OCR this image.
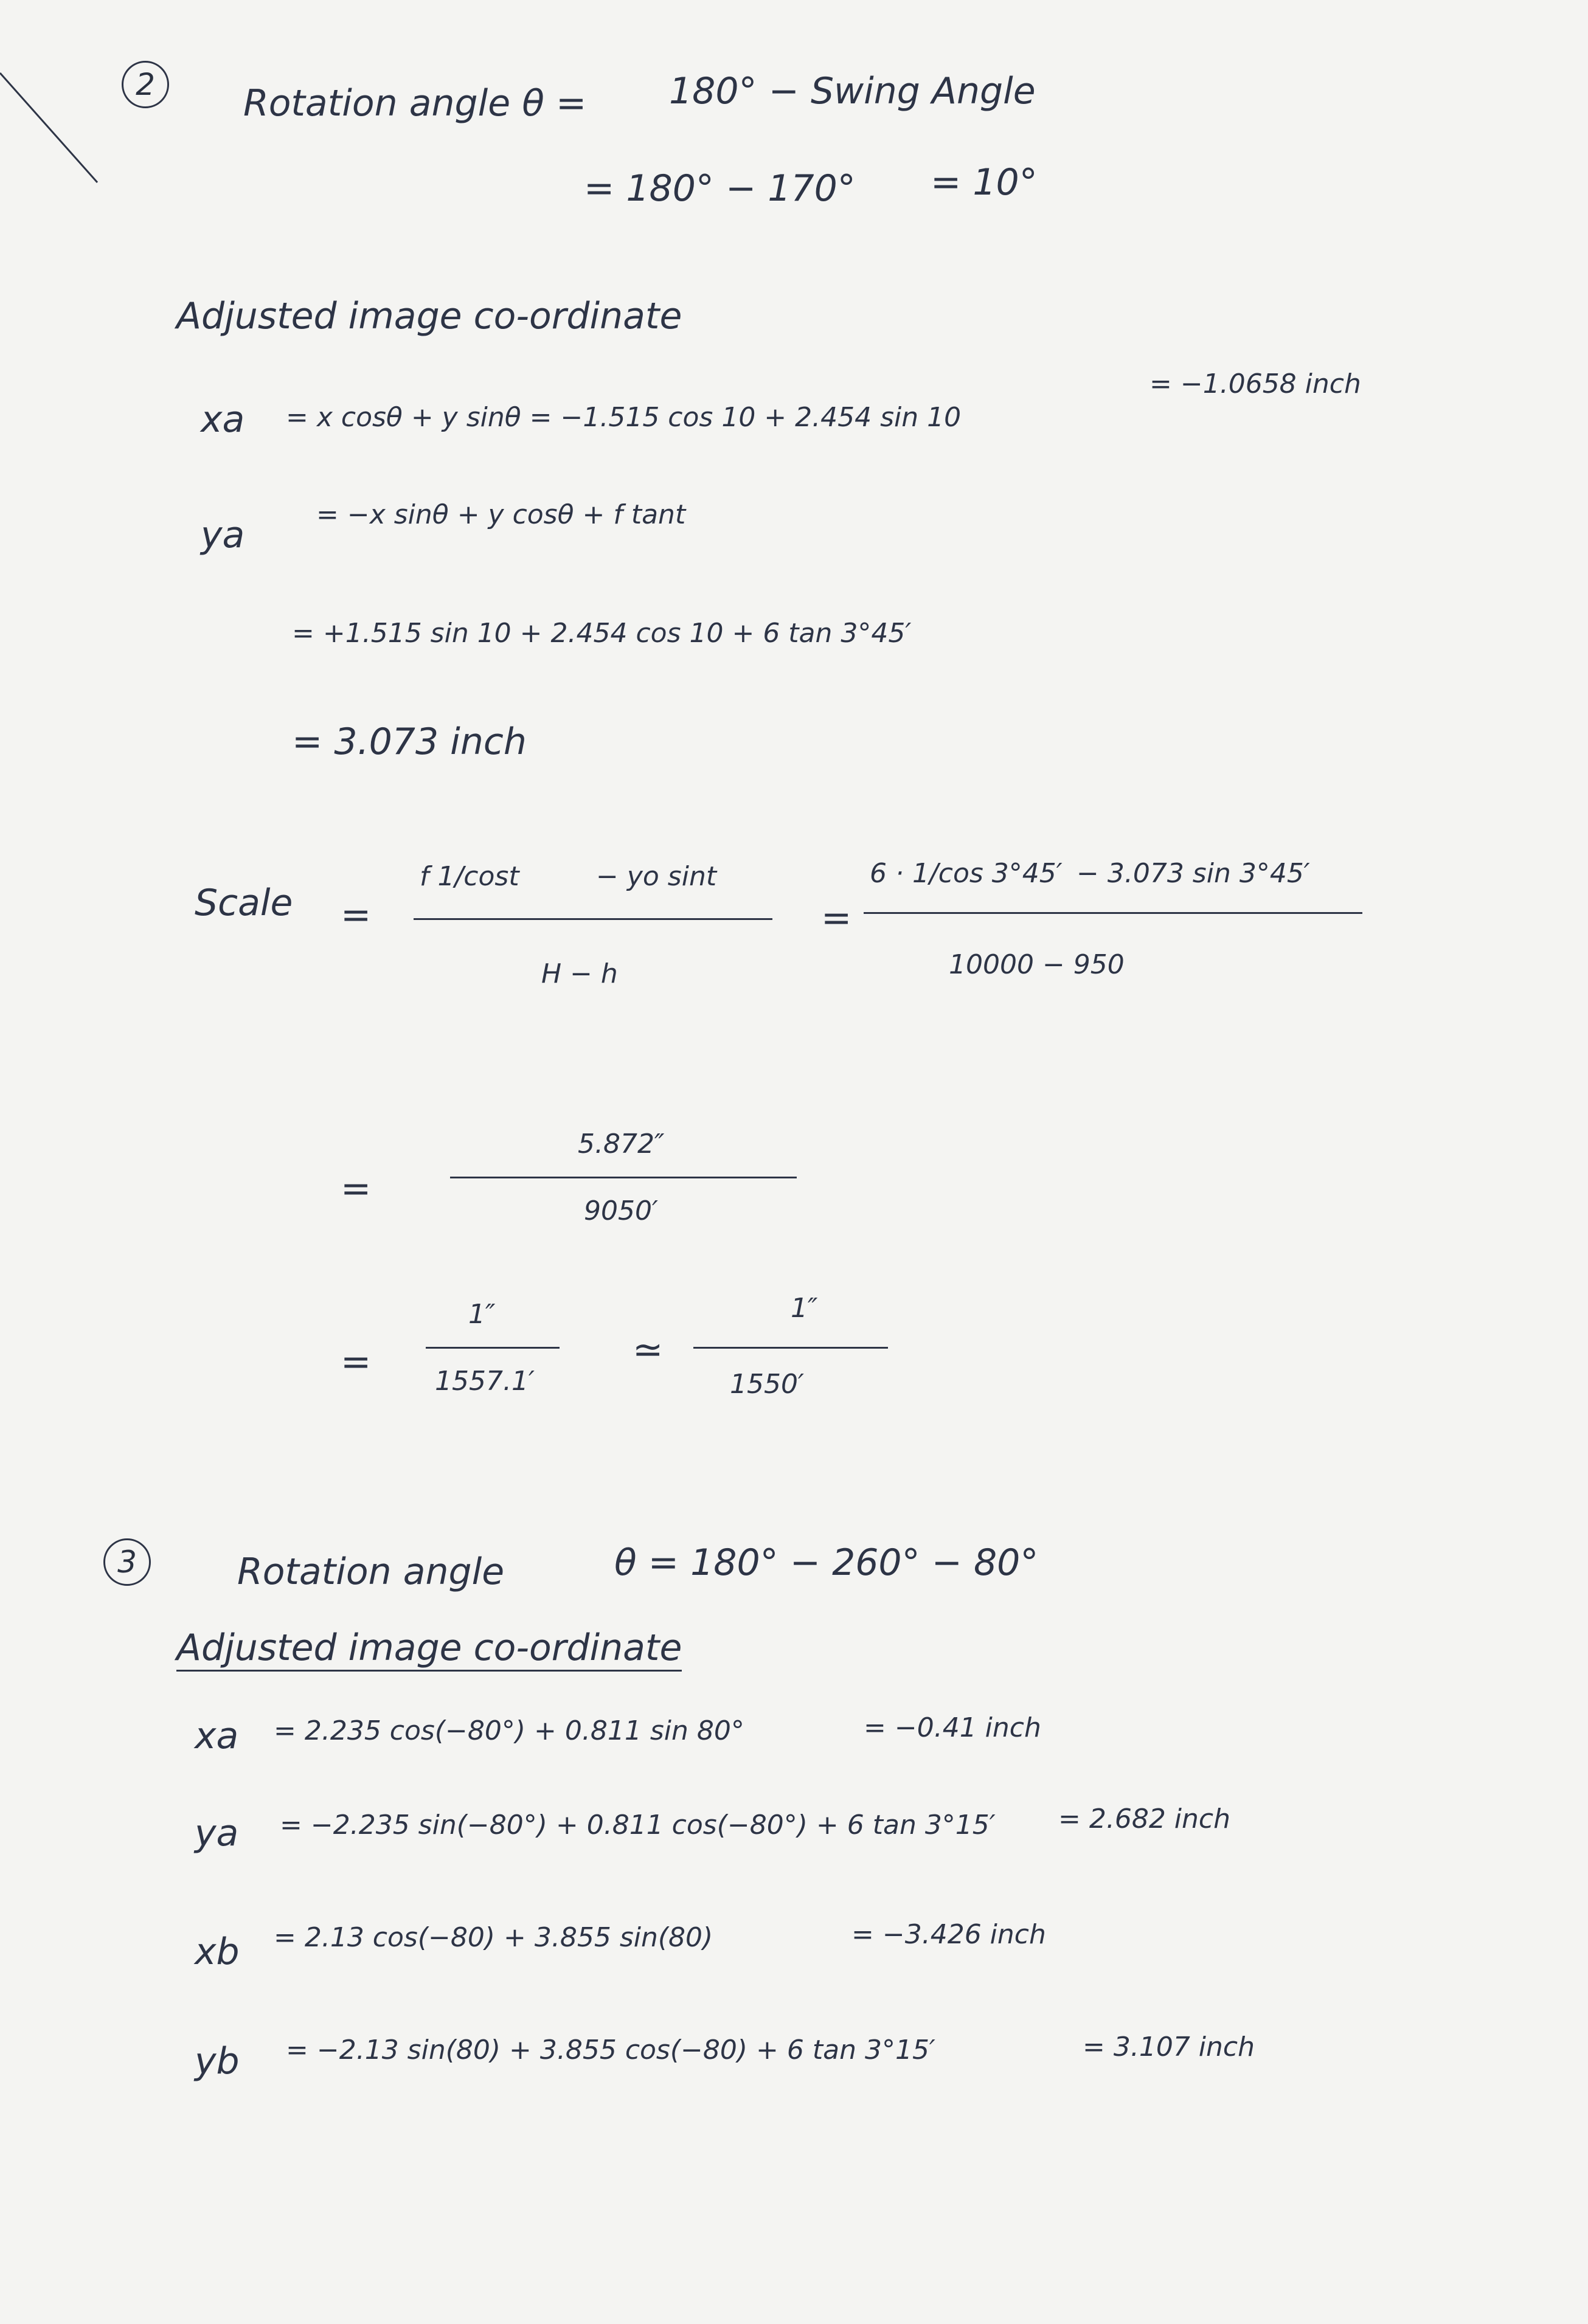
2	Rotation angle θ = 180° − Swing Angle
= 180° − 170° = 10°
Adjusted image co-ordinate
xa = x cosθ + y sinθ = −1.515 cos 10 + 2.454 sin 10
= −1.0658 inch
ya	= −x sinθ + y cosθ + f tant
= +1.515 sin 10 + 2.454 cos 10 + 6 tan 3°45′
= 3.073 inch
Scale =
f 1/cost	− yo sint
H − h
=
6 · 1/cos 3°45′ − 3.073 sin 3°45′
10000 − 950
=
5.872″
9050′
=
1″
1557.1′
≃
1″
1550′
3	Rotation angle	θ = 180° − 260° − 80°
Adjusted image co-ordinate
xa = 2.235 cos(−80°) + 0.811 sin 80°	= −0.41 inch
ya = −2.235 sin(−80°) + 0.811 cos(−80°) + 6 tan 3°15′ = 2.682 inch
xb = 2.13 cos(−80) + 3.855 sin(80)	= −3.426 inch
yb = −2.13 sin(80) + 3.855 cos(−80) + 6 tan 3°15′	= 3.107 inch
